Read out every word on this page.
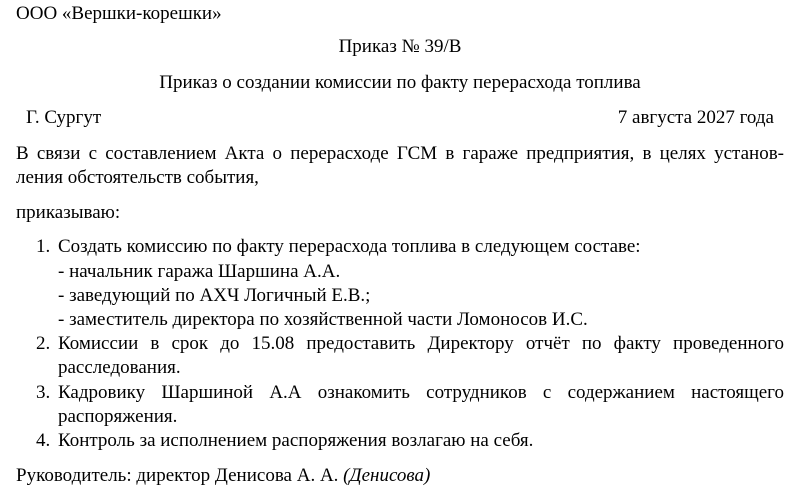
ООО «Вершки-корешки»
Приказ № 39/В
Приказ о создании комиссии по факту перерасхода топлива
Г. Сургут	7 августа 2027 года
В связи с составлением Акта о перерасходе ГСМ в гараже предприятия, в целях установ-
ления обстоятельств события,
приказываю:
1. Создать комиссию по факту перерасхода топлива в следующем составе:
- начальник гаража Шаршина А.А.
- заведующий по АХЧ Логичный Е.В.;
- заместитель директора по хозяйственной части Ломоносов И.С.
2. Комиссии в срок до 15.08 предоставить Директору отчёт по факту проведенного
расследования.
3. Кадровику Шаршиной А.А ознакомить сотрудников с содержанием настоящего
распоряжения.
4. Контроль за исполнением распоряжения возлагаю на себя.
Руководитель: директор Денисова А. А. (Денисова)
